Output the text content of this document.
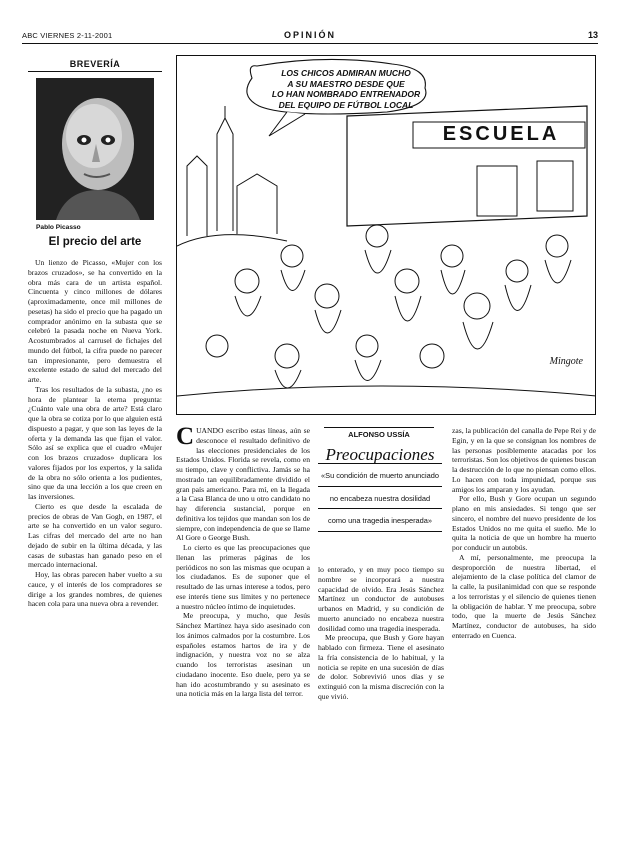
ABC VIERNES 2-11-2001	OPINIÓN	13
BREVERÍA
Pablo Picasso
El precio del arte

Un lienzo de Picasso, «Mujer con los brazos cruzados», se ha convertido en la obra más cara de un artista español. Cincuenta y cinco millones de dólares (aproximadamente, once mil millones de pesetas) ha sido el precio que ha pagado un comprador anónimo en la subasta que se celebró la pasada noche en Nueva York. Acostumbrados al carrusel de fichajes del mundo del fútbol, la cifra puede no parecer tan impresionante, pero demuestra el excelente estado de salud del mercado del arte.

Tras los resultados de la subasta, ¿no es hora de plantear la eterna pregunta: ¿Cuánto vale una obra de arte? Está claro que la obra se cotiza por lo que alguien está dispuesto a pagar, y que son las leyes de la oferta y la demanda las que fijan el valor. Sólo así se explica que el cuadro «Mujer con los brazos cruzados» duplicara los valores fijados por los expertos, y la salida de la obra no sólo orienta a los pudientes, sino que da una lección a los que creen en las inversiones.

Cierto es que desde la escalada de precios de obras de Van Gogh, en 1987, el arte se ha convertido en un valor seguro. Las cifras del mercado del arte no han dejado de subir en la última década, y las casas de subastas han ganado peso en el mercado internacional.

Hoy, las obras parecen haber vuelto a su cauce, y el interés de los compradores se dirige a los grandes nombres, de quienes hacen cola para una nueva obra a revender.

LOS CHICOS ADMIRAN MUCHO
A SU MAESTRO DESDE QUE
LO HAN NOMBRADO ENTRENADOR
DEL EQUIPO DE FÚTBOL LOCAL
ESCUELA
Mingote

CUANDO escribo estas líneas, aún se desconoce el resultado definitivo de las elecciones presidenciales de los Estados Unidos. Florida se revela, como en su tiempo, clave y conflictiva. Jamás se ha mostrado tan equilibradamente dividido el gran país americano. Para mí, en la llegada a la Casa Blanca de uno u otro candidato no hay diferencia sustancial, porque en definitiva los tejidos que mandan son los de siempre, con independencia de que se llame Al Gore o George Bush.

Lo cierto es que las preocupaciones que llenan las primeras páginas de los periódicos no son las mismas que ocupan a los ciudadanos. Es de suponer que el resultado de las urnas interese a todos, pero ese interés tiene sus límites y no pertenece a nuestro núcleo íntimo de inquietudes.

Me preocupa, y mucho, que Jesús Sánchez Martínez haya sido asesinado con los ánimos calmados por la costumbre. Los españoles estamos hartos de ira y de indignación, y nuestra voz no se alza cuando los terroristas asesinan un ciudadano inocente. Eso duele, pero ya se han ido acostumbrando y su asesinato es una noticia más en la larga lista del terror.

ALFONSO USSÍA
Preocupaciones
«Su condición de muerto anunciado
no encabeza nuestra dosilidad
como una tragedia inesperada»

lo enterado, y en muy poco tiempo su nombre se incorporará a nuestra capacidad de olvido. Era Jesús Sánchez Martínez un conductor de autobuses urbanos en Madrid, y su condición de muerto anunciado no encabeza nuestra dosilidad como una tragedia inesperada.

Me preocupa, que Bush y Gore hayan hablado con firmeza. Tiene el asesinato la fría consistencia de lo habitual, y la noticia se repite en una sucesión de días de dolor. Sobrevivió unos días y se extinguió con la misma discreción con la que vivió.

zas, la publicación del canalla de Pepe Rei y de Egin, y en la que se consignan los nombres de las personas posiblemente atacadas por los terroristas. Son los objetivos de quienes buscan la destrucción de lo que no piensan como ellos. Lo hacen con toda impunidad, porque sus amigos los amparan y los ayudan.

Por ello, Bush y Gore ocupan un segundo plano en mis ansiedades. Si tengo que ser sincero, el nombre del nuevo presidente de los Estados Unidos no me quita el sueño. Me lo quita la noticia de que un hombre ha muerto por conducir un autobús.

A mí, personalmente, me preocupa la desproporción de nuestra libertad, el alejamiento de la clase política del clamor de la calle, la pusilanimidad con que se responde a los terroristas y el silencio de quienes tienen la obligación de hablar. Y me preocupa, sobre todo, que la muerte de Jesús Sánchez Martínez, conductor de autobuses, ha sido enterrado en Cuenca.
